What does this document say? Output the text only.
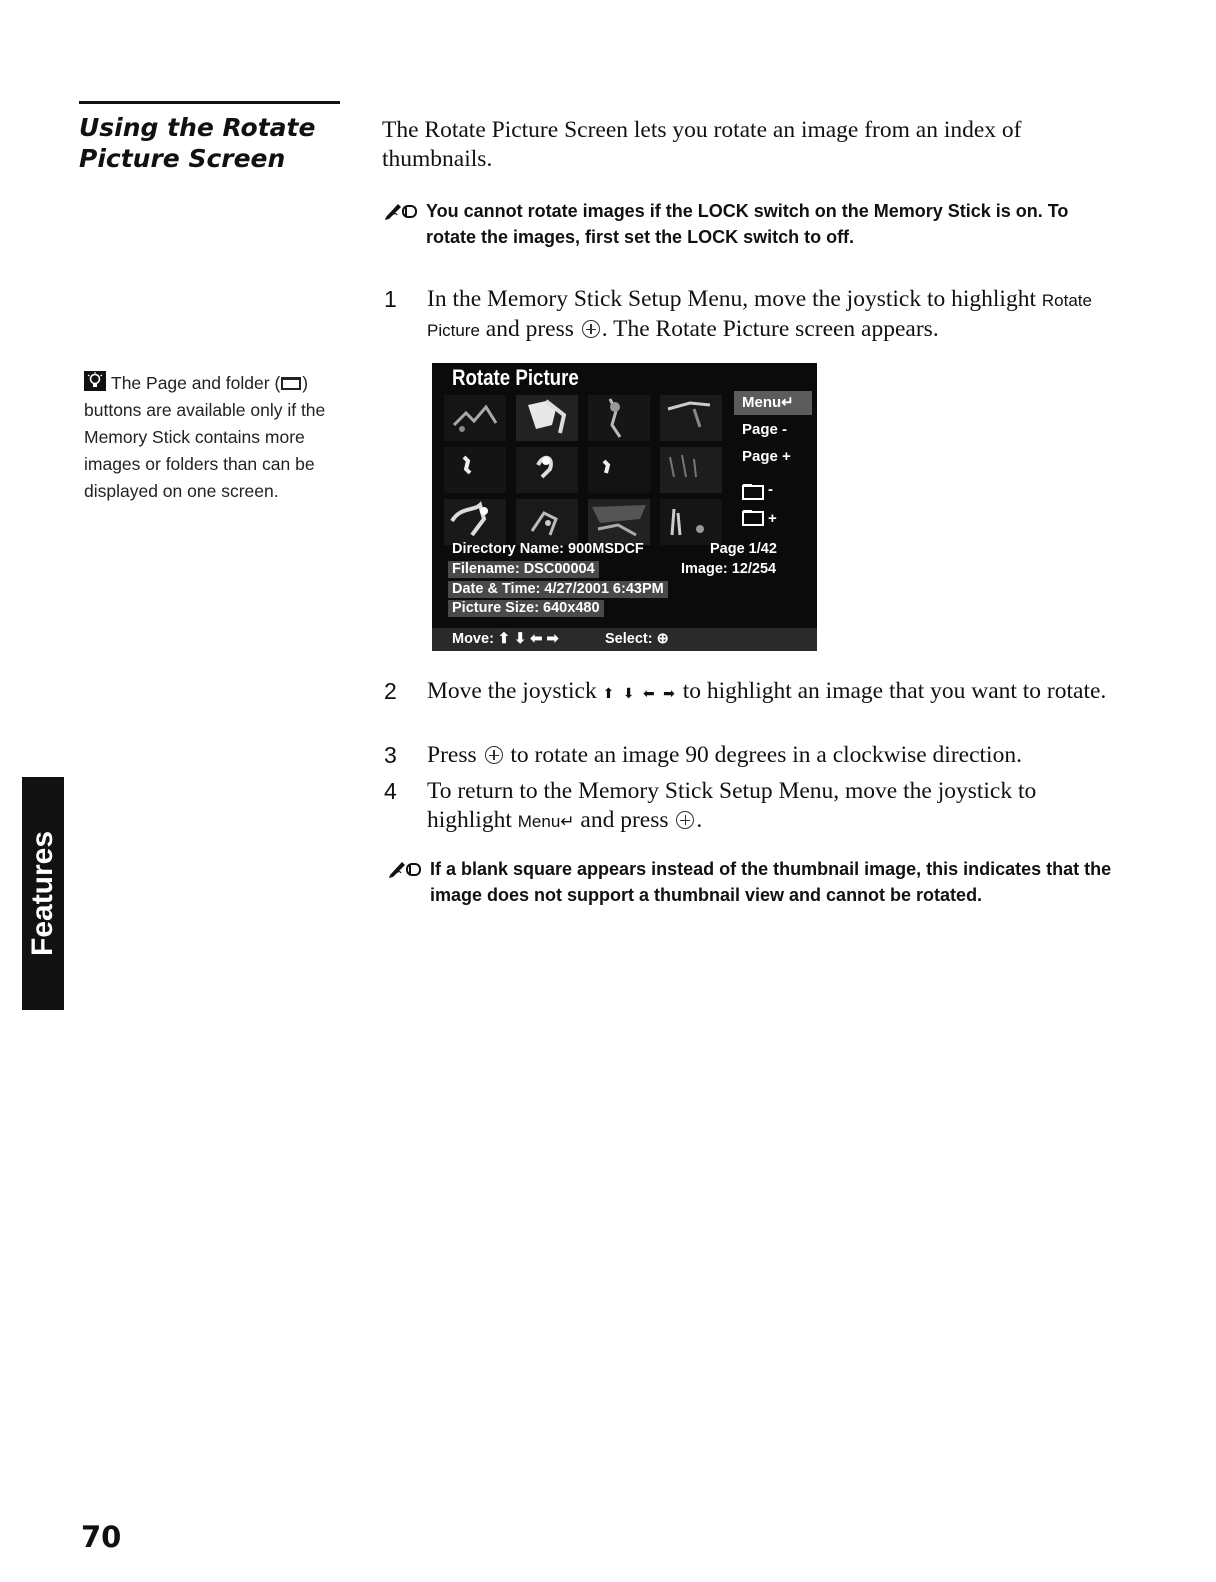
Using the Rotate Picture Screen
The Page and folder ( ) buttons are available only if the Memory Stick contains more images or folders than can be displayed on one screen.
Features

70

The Rotate Picture Screen lets you rotate an image from an index of thumbnails.

You cannot rotate images if the LOCK switch on the Memory Stick is on. To rotate the images, first set the LOCK switch to off.
1	In the Memory Stick Setup Menu, move the joystick to highlight Rotate Picture and press . The Rotate Picture screen appears.
Rotate Picture
Menu↵
Page -
Page +
-
+
Directory Name: 900MSDCF	Page 1/42
Filename: DSC00004	Image: 12/254
Date & Time: 4/27/2001 6:43PM
Picture Size: 640x480
Move: ⬆ ⬇ ⬅ ➡	Select: ⊕
2	Move the joystick ⬆ ⬇ ⬅ ➡ to highlight an image that you want to rotate.
3	Press  to rotate an image 90 degrees in a clockwise direction.
4	To return to the Memory Stick Setup Menu, move the joystick to highlight Menu↵ and press .
If a blank square appears instead of the thumbnail image, this indicates that the image does not support a thumbnail view and cannot be rotated.
